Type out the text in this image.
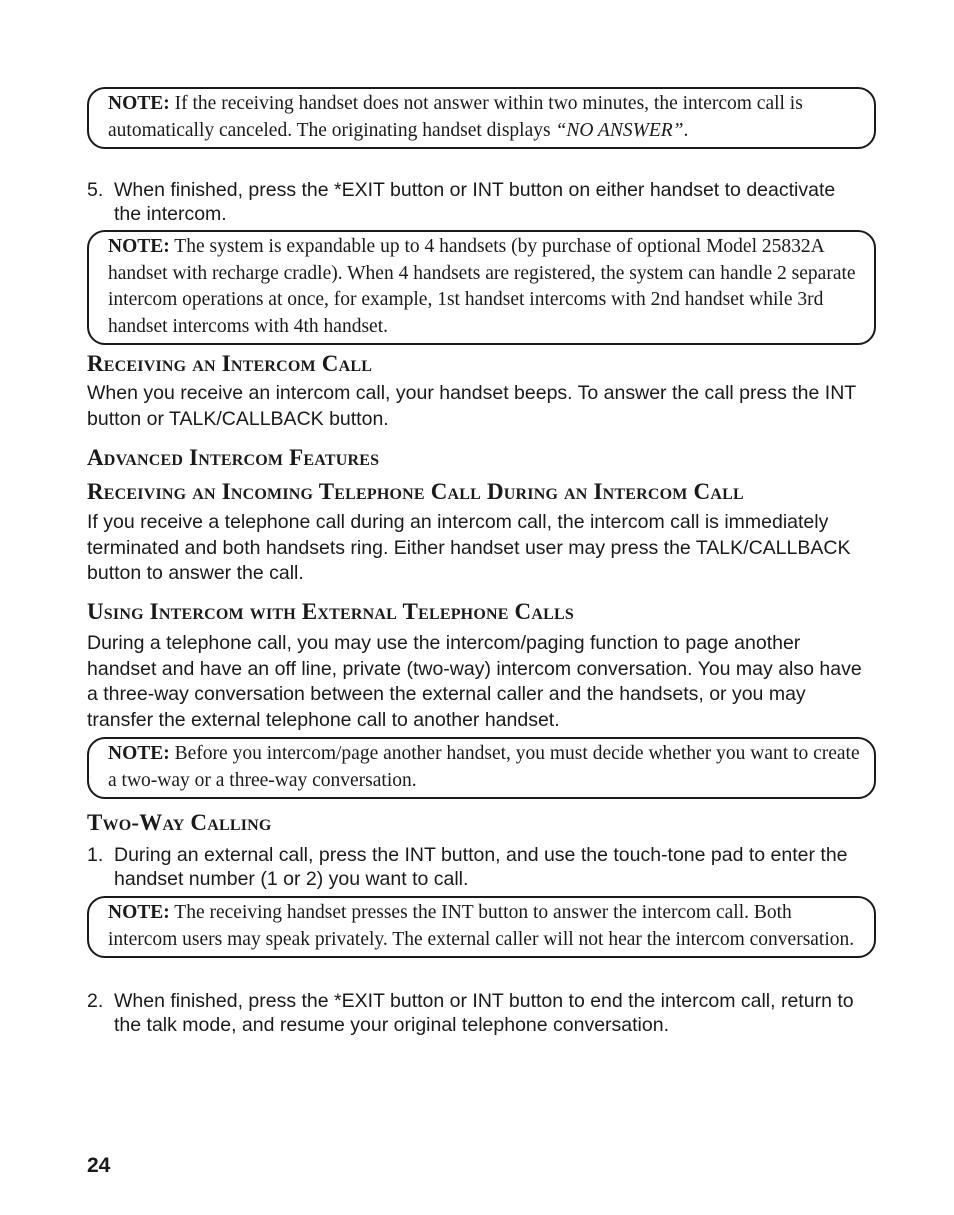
NOTE: If the receiving handset does not answer within two minutes, the intercom call is automatically canceled. The originating handset displays “NO ANSWER”.
5. When finished, press the *EXIT button or INT button on either handset to deactivate the intercom.
NOTE: The system is expandable up to 4 handsets (by purchase of optional Model 25832A handset with recharge cradle). When 4 handsets are registered, the system can handle 2 separate intercom operations at once, for example, 1st handset intercoms with 2nd handset while 3rd handset intercoms with 4th handset.
Receiving an Intercom Call
When you receive an intercom call, your handset beeps. To answer the call press the INT button or TALK/CALLBACK button.
Advanced Intercom Features
Receiving an Incoming Telephone Call During an Intercom Call
If you receive a telephone call during an intercom call, the intercom call is immediately terminated and both handsets ring. Either handset user may press the TALK/CALLBACK button to answer the call.
Using Intercom with External Telephone Calls
During a telephone call, you may use the intercom/paging function to page another handset and have an off line, private (two-way) intercom conversation. You may also have a three-way conversation between the external caller and the handsets, or you may transfer the external telephone call to another handset.
NOTE: Before you intercom/page another handset, you must decide whether you want to create a two-way or a three-way conversation.
Two-Way Calling
1. During an external call, press the INT button, and use the touch-tone pad to enter the handset number (1 or 2) you want to call.
NOTE: The receiving handset presses the INT button to answer the intercom call. Both intercom users may speak privately. The external caller will not hear the intercom conversation.
2. When finished, press the *EXIT button or INT button to end the intercom call, return to the talk mode, and resume your original telephone conversation.
24
